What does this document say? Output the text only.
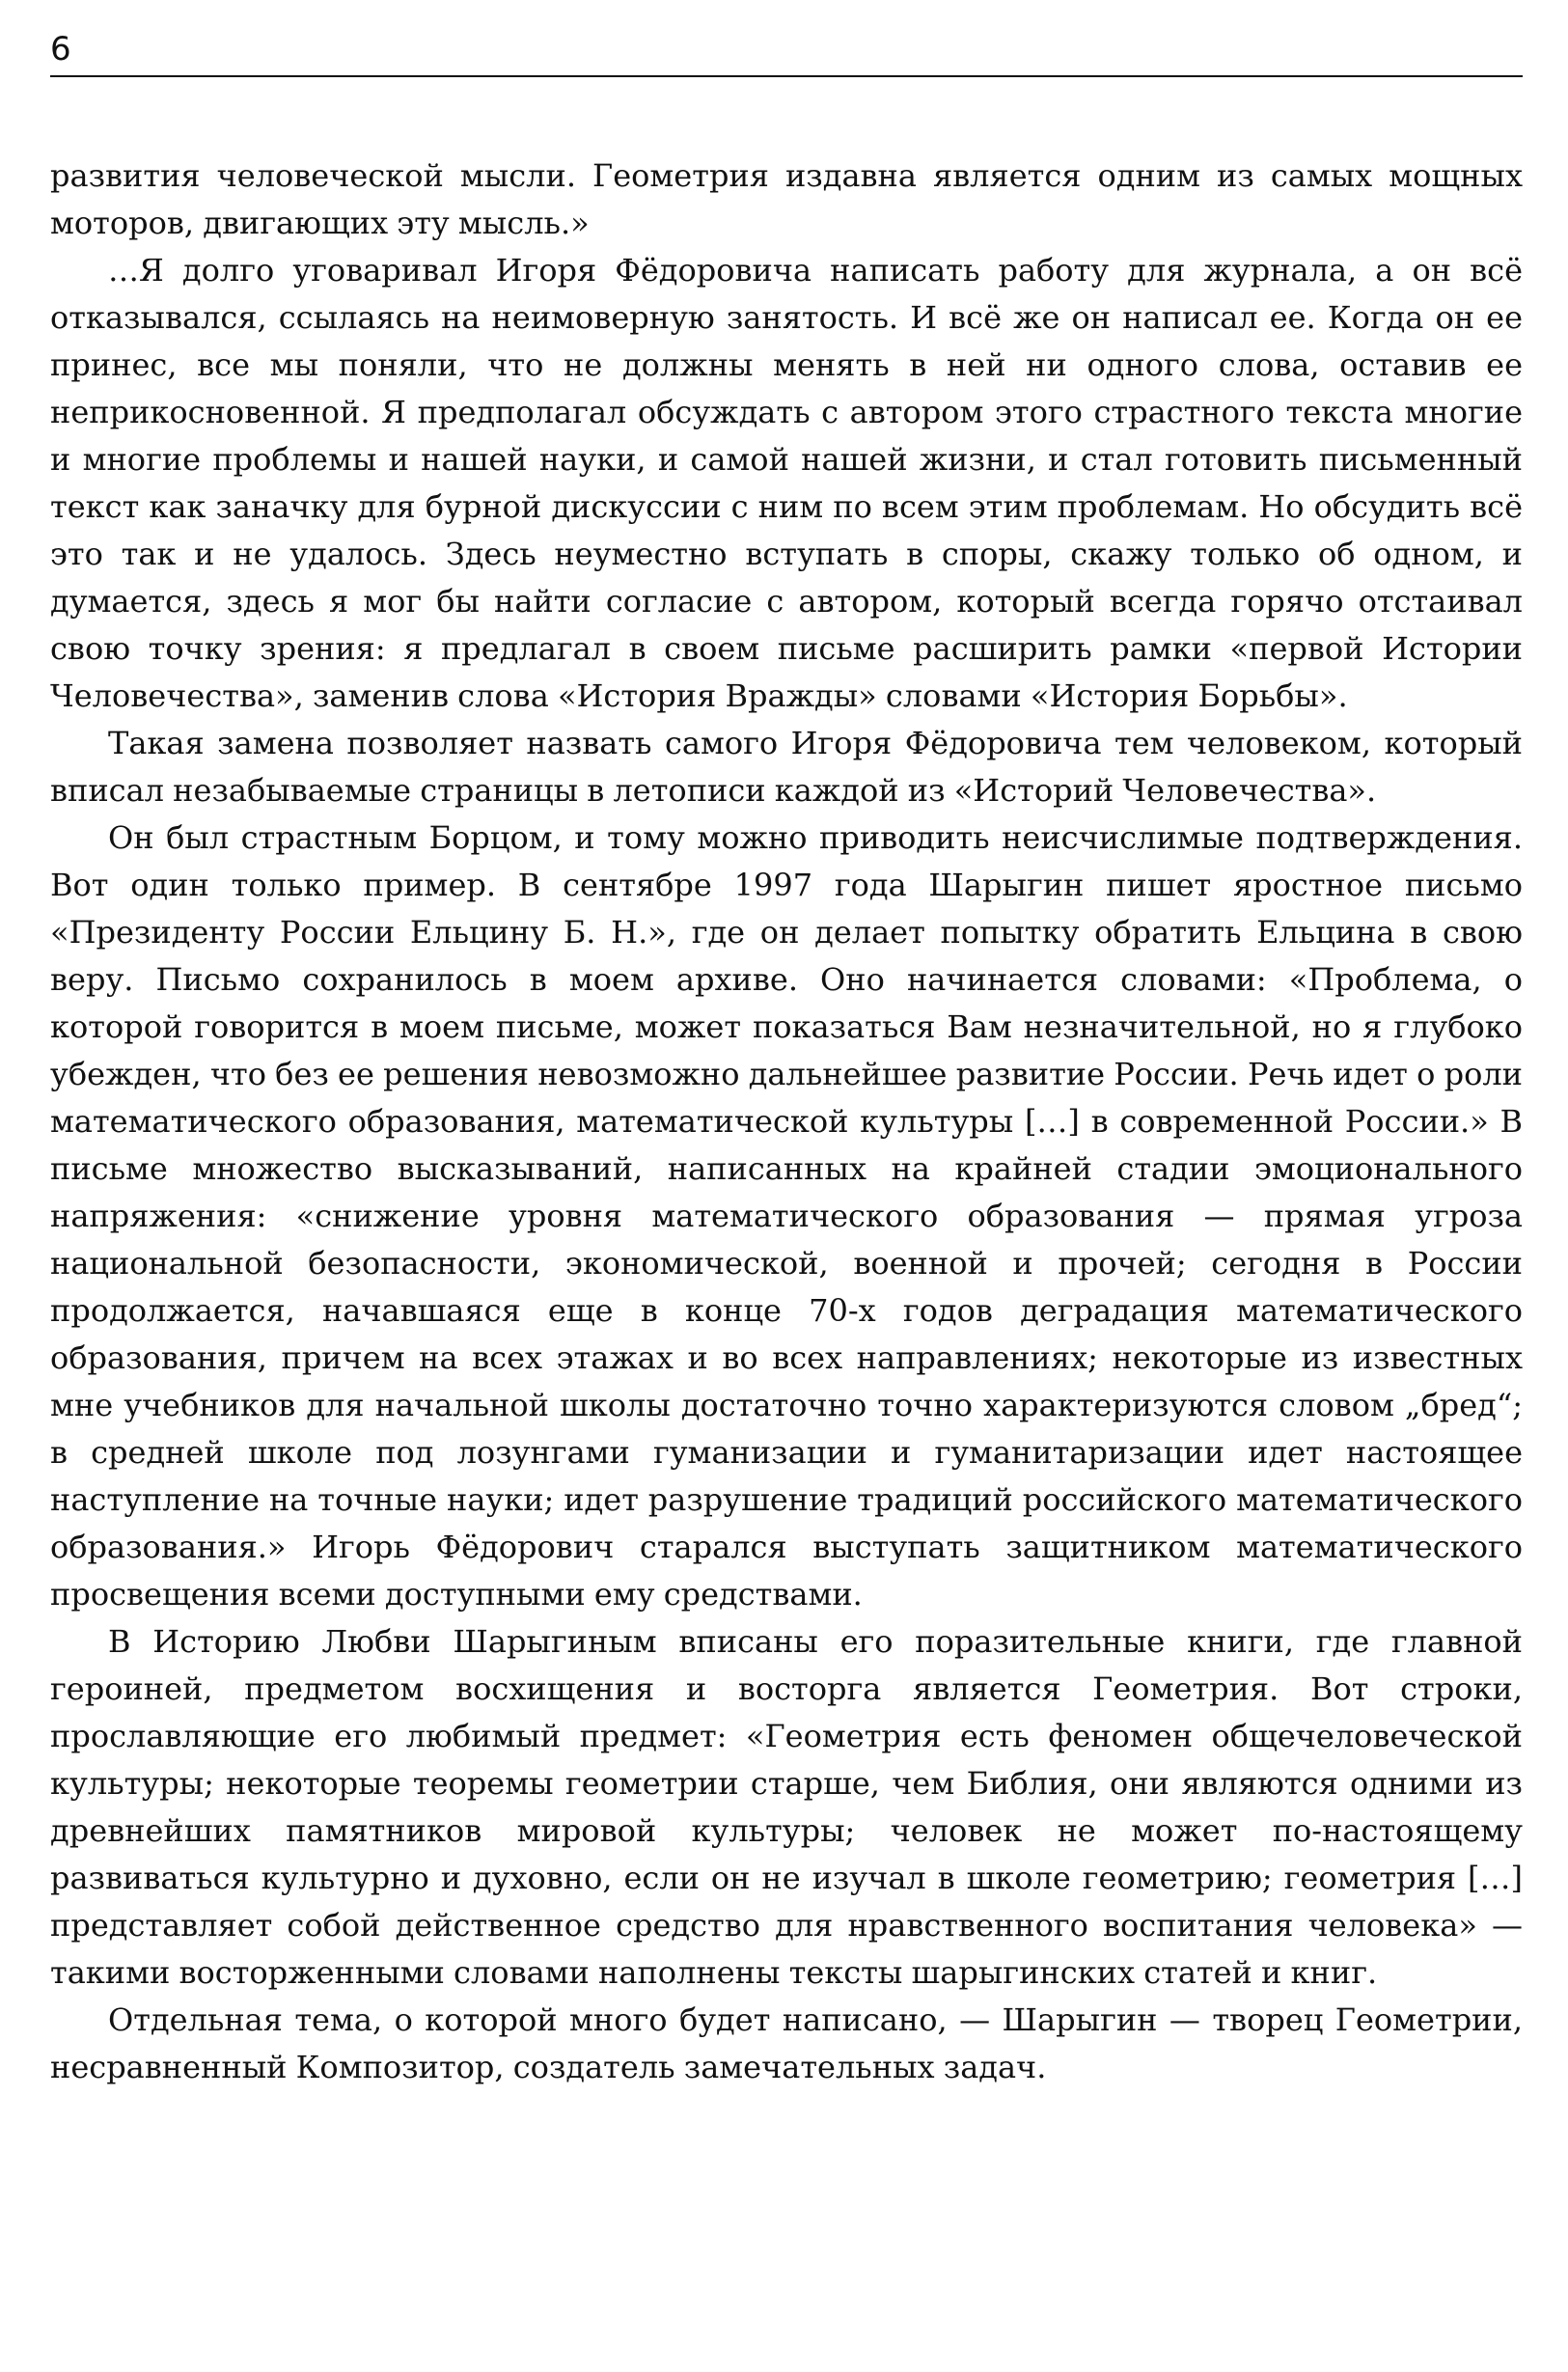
6

развития человеческой мысли. Геометрия издавна является одним из самых мощных моторов, двигающих эту мысль.»

…Я долго уговаривал Игоря Фёдоровича написать работу для журнала, а он всё отказывался, ссылаясь на неимоверную занятость. И всё же он написал ее. Когда он ее принес, все мы поняли, что не должны менять в ней ни одного слова, оставив ее неприкосновенной. Я предполагал обсуждать с автором этого страстного текста многие и многие проблемы и нашей науки, и самой нашей жизни, и стал готовить письменный текст как заначку для бурной дискуссии с ним по всем этим проблемам. Но обсудить всё это так и не удалось. Здесь неуместно вступать в споры, скажу только об одном, и думается, здесь я мог бы найти согласие с автором, который всегда горячо отстаивал свою точку зрения: я предлагал в своем письме расширить рамки «первой Истории Человечества», заменив слова «История Вражды» словами «История Борьбы».

Такая замена позволяет назвать самого Игоря Фёдоровича тем человеком, который вписал незабываемые страницы в летописи каждой из «Историй Человечества».

Он был страстным Борцом, и тому можно приводить неисчислимые подтверждения. Вот один только пример. В сентябре 1997 года Шарыгин пишет яростное письмо «Президенту России Ельцину Б. Н.», где он делает попытку обратить Ельцина в свою веру. Письмо сохранилось в моем архиве. Оно начинается словами: «Проблема, о которой говорится в моем письме, может показаться Вам незначительной, но я глубоко убежден, что без ее решения невозможно дальнейшее развитие России. Речь идет о роли математического образования, математической культуры […] в современной России.» В письме множество высказываний, написанных на крайней стадии эмоционального напряжения: «снижение уровня математического образования — прямая угроза национальной безопасности, экономической, военной и прочей; сегодня в России продолжается, начавшаяся еще в конце 70-х годов деградация математического образования, причем на всех этажах и во всех направлениях; некоторые из известных мне учебников для начальной школы достаточно точно характеризуются словом „бред“; в средней школе под лозунгами гуманизации и гуманитаризации идет настоящее наступление на точные науки; идет разрушение традиций российского математического образования.» Игорь Фёдорович старался выступать защитником математического просвещения всеми доступными ему средствами.

В Историю Любви Шарыгиным вписаны его поразительные книги, где главной героиней, предметом восхищения и восторга является Геометрия. Вот строки, прославляющие его любимый предмет: «Геометрия есть феномен общечеловеческой культуры; некоторые теоремы геометрии старше, чем Библия, они являются одними из древнейших памятников мировой культуры; человек не может по-настоящему развиваться культурно и духовно, если он не изучал в школе геометрию; геометрия […] представляет собой действенное средство для нравственного воспитания человека» — такими восторженными словами наполнены тексты шарыгинских статей и книг.

Отдельная тема, о которой много будет написано, — Шарыгин — творец Геометрии, несравненный Композитор, создатель замечательных задач.
